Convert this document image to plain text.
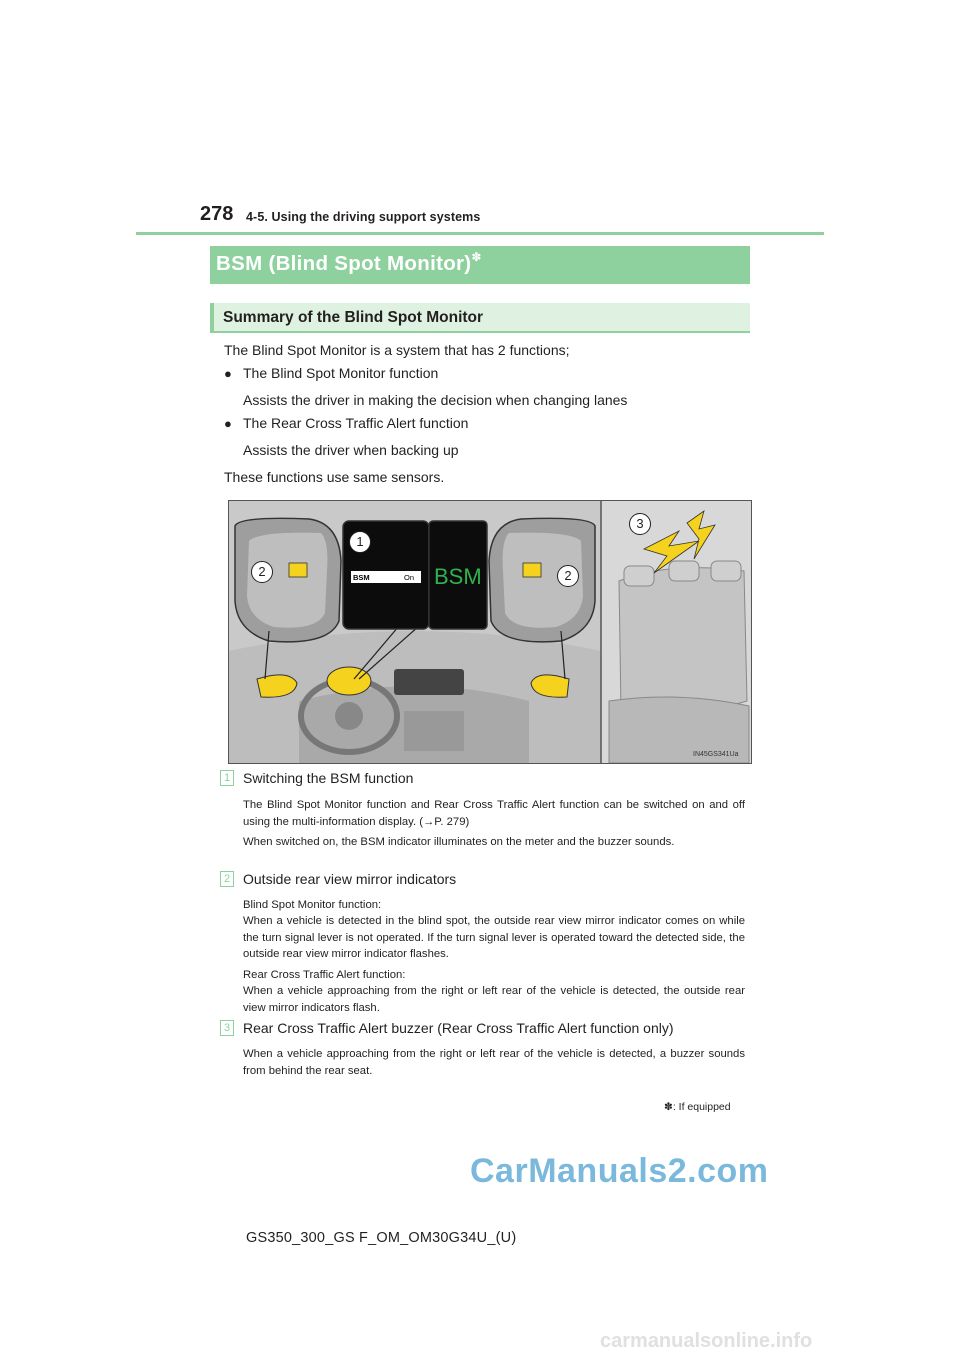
278 4-5. Using the driving support systems
BSM (Blind Spot Monitor)✽
Summary of the Blind Spot Monitor
The Blind Spot Monitor is a system that has 2 functions;
● The Blind Spot Monitor function
Assists the driver in making the decision when changing lanes
● The Rear Cross Traffic Alert function
Assists the driver when backing up
These functions use same sensors.
BSM	On BSM
IN45GS341Ua
1
2	2
3
1 Switching the BSM function
The Blind Spot Monitor function and Rear Cross Traffic Alert function can be switched on and off using the multi-information display. (→P. 279)
When switched on, the BSM indicator illuminates on the meter and the buzzer sounds.
2 Outside rear view mirror indicators
Blind Spot Monitor function:
When a vehicle is detected in the blind spot, the outside rear view mirror indicator comes on while the turn signal lever is not operated. If the turn signal lever is operated toward the detected side, the outside rear view mirror indicator flashes.
Rear Cross Traffic Alert function:
When a vehicle approaching from the right or left rear of the vehicle is detected, the outside rear view mirror indicators flash.
3 Rear Cross Traffic Alert buzzer (Rear Cross Traffic Alert function only)
When a vehicle approaching from the right or left rear of the vehicle is detected, a buzzer sounds from behind the rear seat.
✽: If equipped
CarManuals2.com
GS350_300_GS F_OM_OM30G34U_(U)
carmanualsonline.info
